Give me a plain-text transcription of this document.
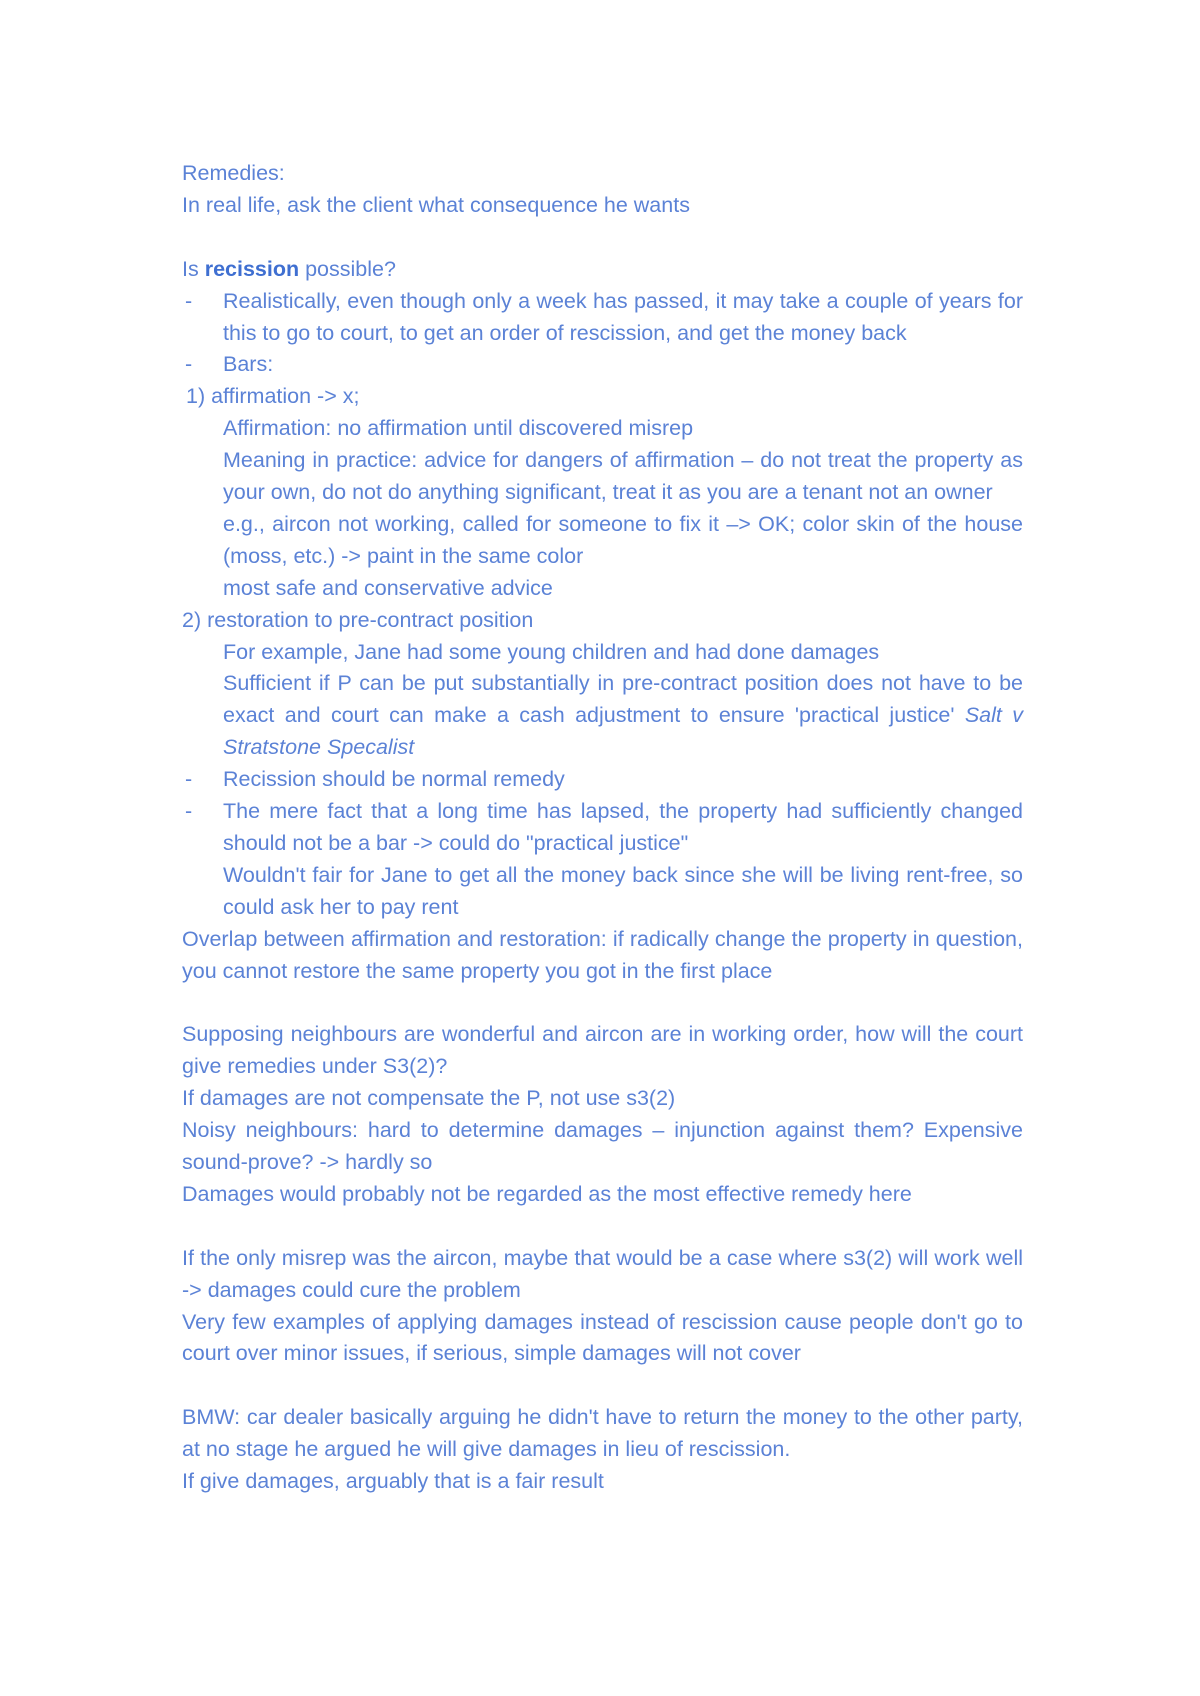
Remedies:

In real life, ask the client what consequence he wants

Is recission possible?

- Realistically, even though only a week has passed, it may take a couple of years for this to go to court, to get an order of rescission, and get the money back
- Bars:

1) affirmation -> x;

Affirmation: no affirmation until discovered misrep

Meaning in practice: advice for dangers of affirmation – do not treat the property as your own, do not do anything significant, treat it as you are a tenant not an owner

e.g., aircon not working, called for someone to fix it –> OK; color skin of the house (moss, etc.) -> paint in the same color

most safe and conservative advice

2) restoration to pre-contract position

For example, Jane had some young children and had done damages

Sufficient if P can be put substantially in pre-contract position does not have to be exact and court can make a cash adjustment to ensure 'practical justice' Salt v Stratstone Specalist

- Recission should be normal remedy
- The mere fact that a long time has lapsed, the property had sufficiently changed should not be a bar -> could do "practical justice"

Wouldn't fair for Jane to get all the money back since she will be living rent-free, so could ask her to pay rent

Overlap between affirmation and restoration: if radically change the property in question, you cannot restore the same property you got in the first place

Supposing neighbours are wonderful and aircon are in working order, how will the court give remedies under S3(2)?

If damages are not compensate the P, not use s3(2)

Noisy neighbours: hard to determine damages – injunction against them? Expensive sound-prove? -> hardly so

Damages would probably not be regarded as the most effective remedy here

If the only misrep was the aircon, maybe that would be a case where s3(2) will work well -> damages could cure the problem

Very few examples of applying damages instead of rescission cause people don't go to court over minor issues, if serious, simple damages will not cover

BMW: car dealer basically arguing he didn't have to return the money to the other party, at no stage he argued he will give damages in lieu of rescission.

If give damages, arguably that is a fair result
